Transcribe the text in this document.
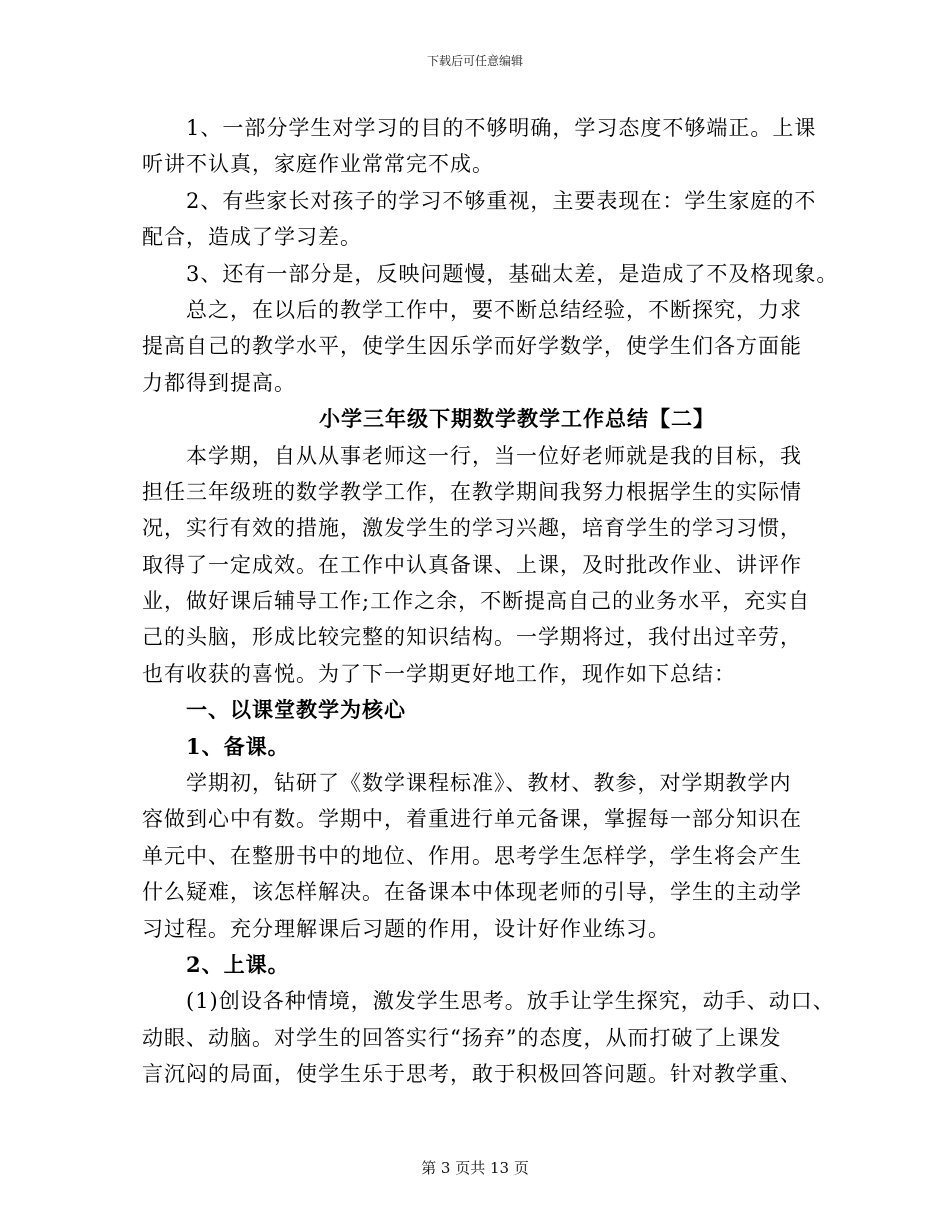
下载后可任意编辑
1、一部分学生对学习的目的不够明确，学习态度不够端正。上课
听讲不认真，家庭作业常常完不成。
2、有些家长对孩子的学习不够重视，主要表现在：学生家庭的不
配合，造成了学习差。
3、还有一部分是，反映问题慢，基础太差，是造成了不及格现象。
总之，在以后的教学工作中，要不断总结经验，不断探究，力求
提高自己的教学水平，使学生因乐学而好学数学，使学生们各方面能
力都得到提高。
小学三年级下期数学教学工作总结【二】
本学期，自从从事老师这一行，当一位好老师就是我的目标，我
担任三年级班的数学教学工作，在教学期间我努力根据学生的实际情
况，实行有效的措施，激发学生的学习兴趣，培育学生的学习习惯，
取得了一定成效。在工作中认真备课、上课，及时批改作业、讲评作
业，做好课后辅导工作;工作之余，不断提高自己的业务水平，充实自
己的头脑，形成比较完整的知识结构。一学期将过，我付出过辛劳，
也有收获的喜悦。为了下一学期更好地工作，现作如下总结：
一、以课堂教学为核心
1、备课。
学期初，钻研了《数学课程标准》、教材、教参，对学期教学内
容做到心中有数。学期中，着重进行单元备课，掌握每一部分知识在
单元中、在整册书中的地位、作用。思考学生怎样学，学生将会产生
什么疑难，该怎样解决。在备课本中体现老师的引导，学生的主动学
习过程。充分理解课后习题的作用，设计好作业练习。
2、上课。
(1)创设各种情境，激发学生思考。放手让学生探究，动手、动口、
动眼、动脑。对学生的回答实行“扬弃”的态度，从而打破了上课发
言沉闷的局面，使学生乐于思考，敢于积极回答问题。针对教学重、
第 3 页共 13 页
